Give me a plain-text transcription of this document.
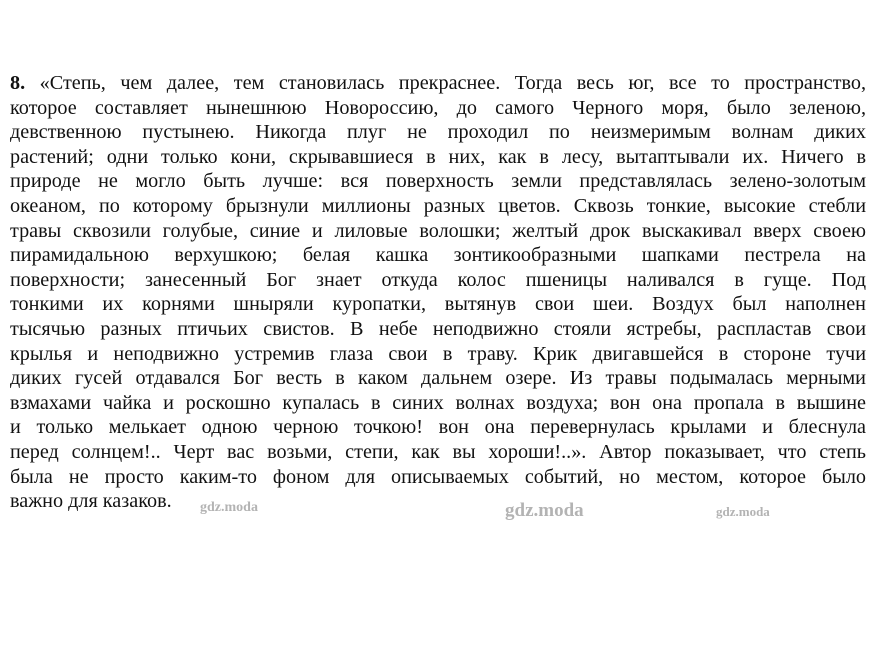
8. «Степь, чем далее, тем становилась прекраснее. Тогда весь юг, все то пространство,
которое составляет нынешнюю Новороссию, до самого Черного моря, было зеленою,
девственною пустынею. Никогда плуг не проходил по неизмеримым волнам диких
растений; одни только кони, скрывавшиеся в них, как в лесу, вытаптывали их. Ничего в
природе не могло быть лучше: вся поверхность земли представлялась зелено-золотым
океаном, по которому брызнули миллионы разных цветов. Сквозь тонкие, высокие стебли
травы сквозили голубые, синие и лиловые волошки; желтый дрок выскакивал вверх своею
пирамидальною верхушкою; белая кашка зонтикообразными шапками пестрела на
поверхности; занесенный Бог знает откуда колос пшеницы наливался в гуще. Под
тонкими их корнями шныряли куропатки, вытянув свои шеи. Воздух был наполнен
тысячью разных птичьих свистов. В небе неподвижно стояли ястребы, распластав свои
крылья и неподвижно устремив глаза свои в траву. Крик двигавшейся в стороне тучи
диких гусей отдавался Бог весть в каком дальнем озере. Из травы подымалась мерными
взмахами чайка и роскошно купалась в синих волнах воздуха; вон она пропала в вышине
и только мелькает одною черною точкою! вон она перевернулась крылами и блеснула
перед солнцем!.. Черт вас возьми, степи, как вы хороши!..». Автор показывает, что степь
была не просто каким-то фоном для описываемых событий, но местом, которое было
важно для казаков.	gdz.moda	gdz.moda	gdz.moda
